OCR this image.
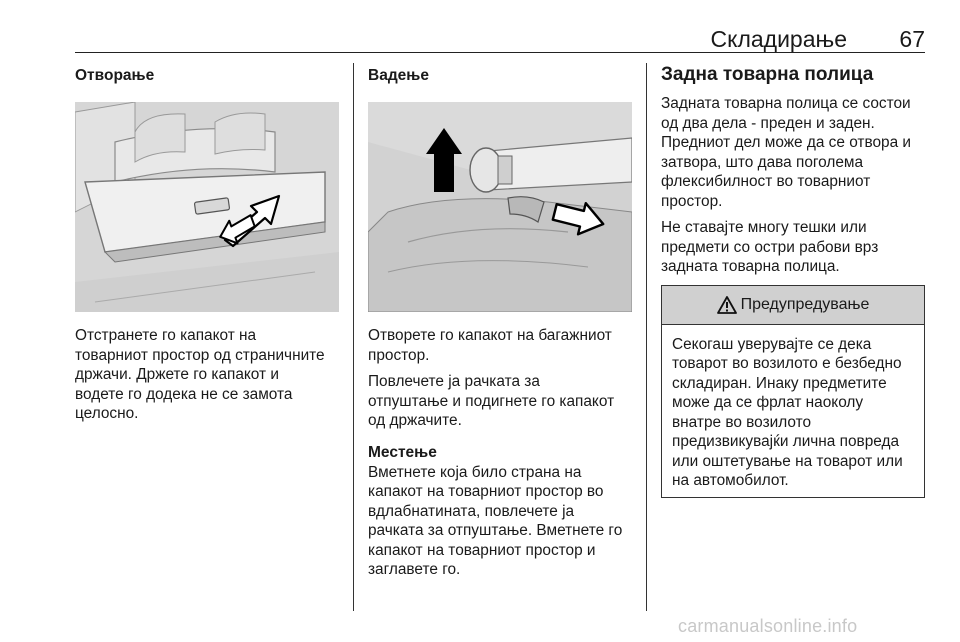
Складирање 67
Отворање

Отстранете го капакот на
товарниот простор од страничните
држачи. Држете го капакот и
водете го додека не се замота
целосно.

Вадење

Отворете го капакот на багажниот
простор.

Повлечете ја рачката за
отпуштање и подигнете го капакот
од држачите.

Местење

Вметнете која било страна на
капакот на товарниот простор во
вдлабнатинатa, повлечете ја
рачката за отпуштање. Вметнете го
капакот на товарниот простор и
заглавете го.

Задна товарна полица

Задната товарна полица се состои
од два дела - преден и заден.
Предниот дел може да се отвора и
затвора, што дава поголема
флексибилност во товарниот
простор.

Не ставајте многу тешки или
предмети со остри рабови врз
задната товарна полица.

Предупредување

Секогаш уверувајте се дека
товарот во возилото е безбедно
складиран. Инаку предметите
може да се фрлат наоколу
внатре во возилото
предизвикувајќи лична повреда
или оштетување на товарот или
на автомобилот.

carmanualsonline.info
